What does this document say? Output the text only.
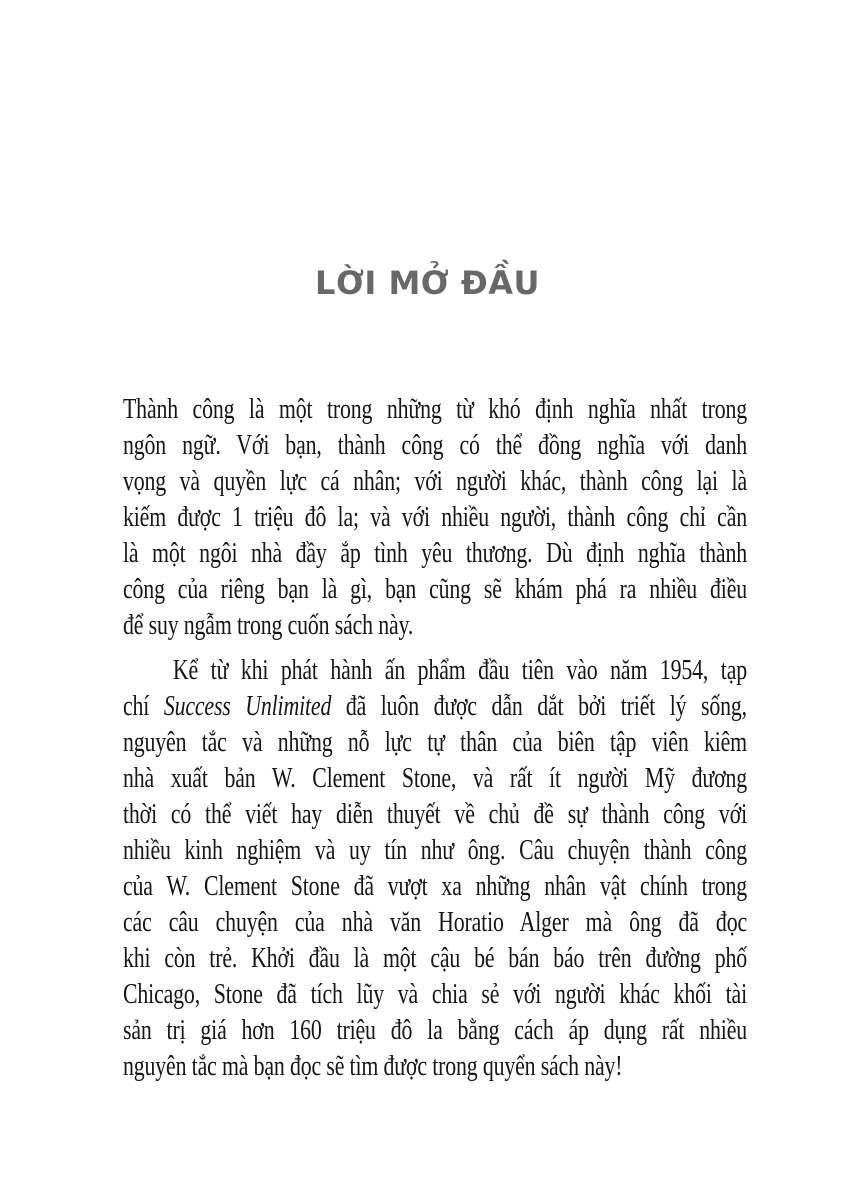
LỜI MỞ ĐẦU
Thành công là một trong những từ khó định nghĩa nhất trong
ngôn ngữ. Với bạn, thành công có thể đồng nghĩa với danh
vọng và quyền lực cá nhân; với người khác, thành công lại là
kiếm được 1 triệu đô la; và với nhiều người, thành công chỉ cần
là một ngôi nhà đầy ắp tình yêu thương. Dù định nghĩa thành
công của riêng bạn là gì, bạn cũng sẽ khám phá ra nhiều điều
để suy ngẫm trong cuốn sách này.
Kể từ khi phát hành ấn phẩm đầu tiên vào năm 1954, tạp
chí Success Unlimited đã luôn được dẫn dắt bởi triết lý sống,
nguyên tắc và những nỗ lực tự thân của biên tập viên kiêm
nhà xuất bản W. Clement Stone, và rất ít người Mỹ đương
thời có thể viết hay diễn thuyết về chủ đề sự thành công với
nhiều kinh nghiệm và uy tín như ông. Câu chuyện thành công
của W. Clement Stone đã vượt xa những nhân vật chính trong
các câu chuyện của nhà văn Horatio Alger mà ông đã đọc
khi còn trẻ. Khởi đầu là một cậu bé bán báo trên đường phố
Chicago, Stone đã tích lũy và chia sẻ với người khác khối tài
sản trị giá hơn 160 triệu đô la bằng cách áp dụng rất nhiều
nguyên tắc mà bạn đọc sẽ tìm được trong quyển sách này!
